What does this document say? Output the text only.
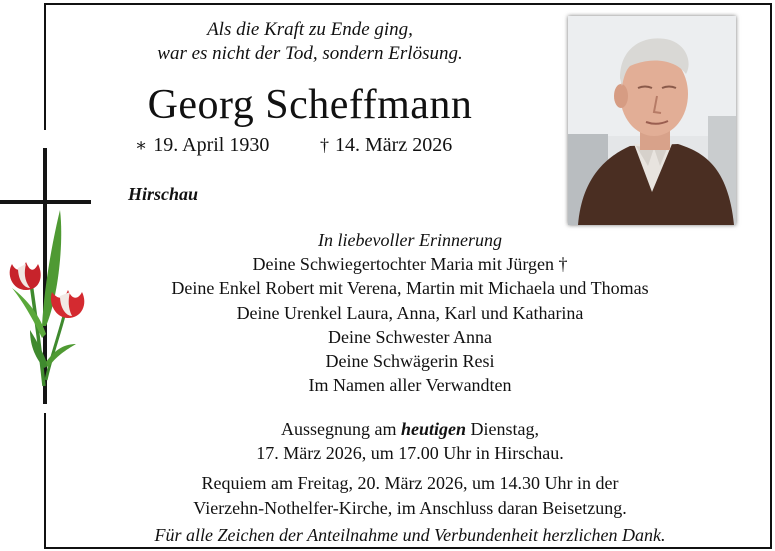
Als die Kraft zu Ende ging,
war es nicht der Tod, sondern Erlösung.
Georg Scheffmann
∗ 19. April 1930	† 14. März 2026
Hirschau
In liebevoller Erinnerung
Deine Schwiegertochter Maria mit Jürgen †
Deine Enkel Robert mit Verena, Martin mit Michaela und Thomas
Deine Urenkel Laura, Anna, Karl und Katharina
Deine Schwester Anna
Deine Schwägerin Resi
Im Namen aller Verwandten
Aussegnung am heutigen Dienstag,
17. März 2026, um 17.00 Uhr in Hirschau.
Requiem am Freitag, 20. März 2026, um 14.30 Uhr in der
Vierzehn-Nothelfer-Kirche, im Anschluss daran Beisetzung.
Für alle Zeichen der Anteilnahme und Verbundenheit herzlichen Dank.
